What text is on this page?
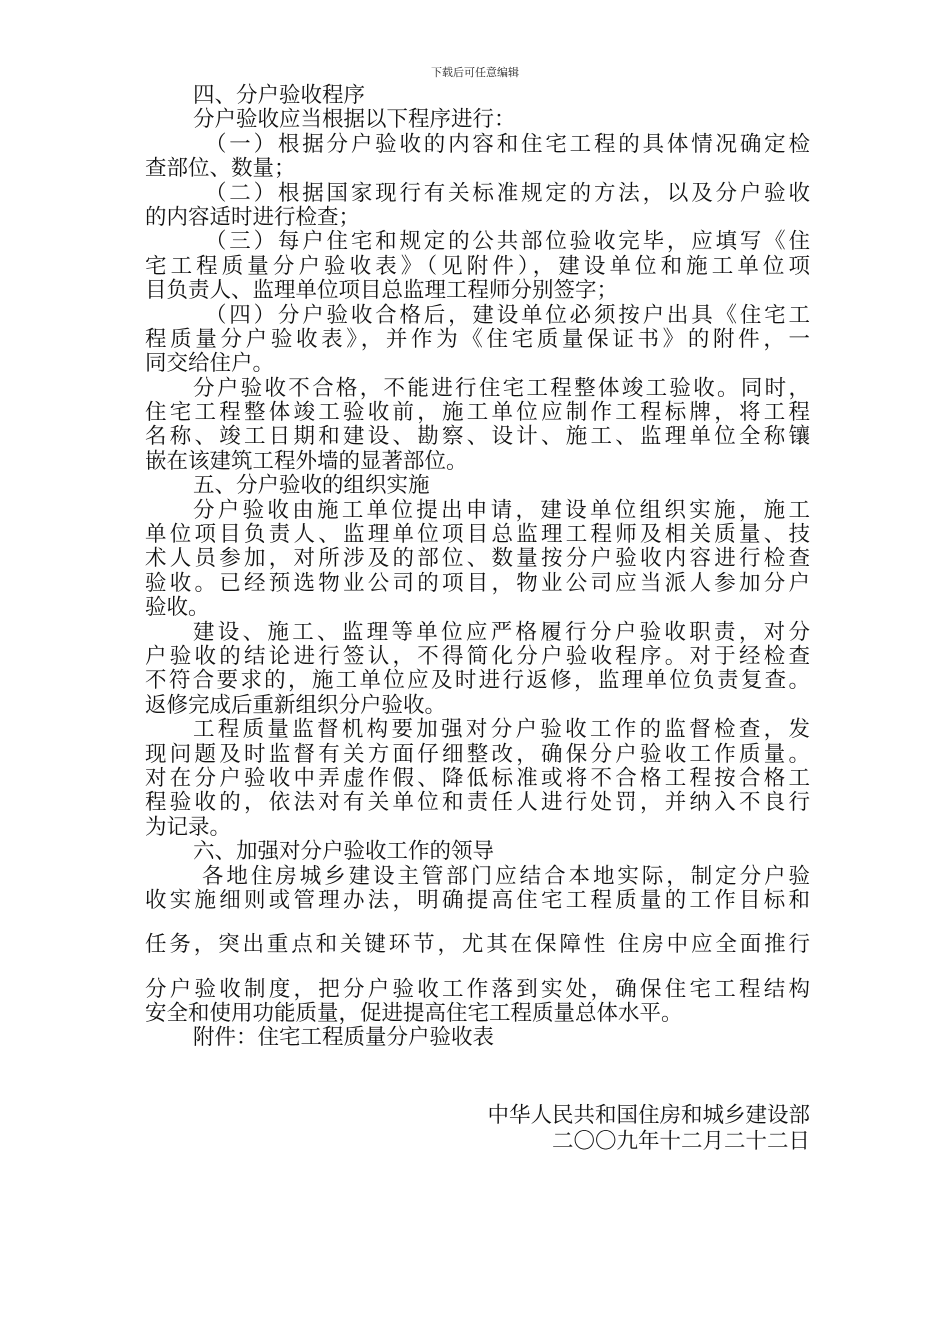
下载后可任意编辑
四、分户验收程序
分户验收应当根据以下程序进行：
（一）根据分户验收的内容和住宅工程的具体情况确定检
查部位、数量；
（二）根据国家现行有关标准规定的方法，以及分户验收
的内容适时进行检查；
（三）每户住宅和规定的公共部位验收完毕，应填写《住
宅工程质量分户验收表》（见附件），建设单位和施工单位项
目负责人、监理单位项目总监理工程师分别签字；
（四）分户验收合格后，建设单位必须按户出具《住宅工
程质量分户验收表》，并作为《住宅质量保证书》的附件，一
同交给住户。
分户验收不合格，不能进行住宅工程整体竣工验收。同时，
住宅工程整体竣工验收前，施工单位应制作工程标牌，将工程
名称、竣工日期和建设、勘察、设计、施工、监理单位全称镶
嵌在该建筑工程外墙的显著部位。
五、分户验收的组织实施
分户验收由施工单位提出申请，建设单位组织实施，施工
单位项目负责人、监理单位项目总监理工程师及相关质量、技
术人员参加，对所涉及的部位、数量按分户验收内容进行检查
验收。已经预选物业公司的项目，物业公司应当派人参加分户
验收。
建设、施工、监理等单位应严格履行分户验收职责，对分
户验收的结论进行签认，不得简化分户验收程序。对于经检查
不符合要求的，施工单位应及时进行返修，监理单位负责复查。
返修完成后重新组织分户验收。
工程质量监督机构要加强对分户验收工作的监督检查，发
现问题及时监督有关方面仔细整改，确保分户验收工作质量。
对在分户验收中弄虚作假、降低标准或将不合格工程按合格工
程验收的，依法对有关单位和责任人进行处罚，并纳入不良行
为记录。
六、加强对分户验收工作的领导
各地住房城乡建设主管部门应结合本地实际，制定分户验
收实施细则或管理办法，明确提高住宅工程质量的工作目标和
任务，突出重点和关键环节，尤其在保障性 住房中应全面推行
分户验收制度，把分户验收工作落到实处，确保住宅工程结构
安全和使用功能质量，促进提高住宅工程质量总体水平。
附件：住宅工程质量分户验收表
中华人民共和国住房和城乡建设部
二〇〇九年十二月二十二日
